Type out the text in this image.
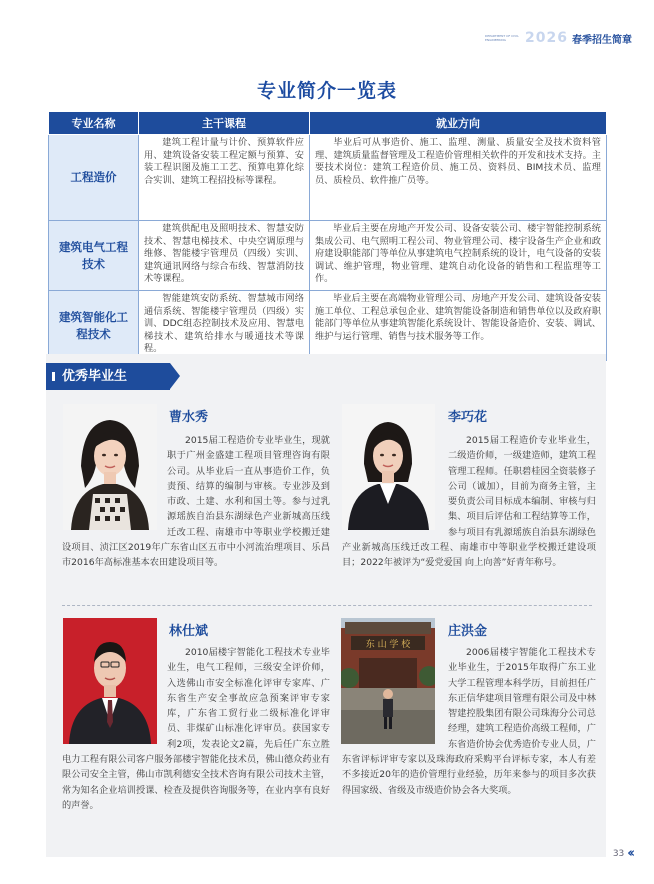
DEPARTMENT OF CIVIL ENGINEERING	2026 春季招生简章
专业简介一览表
专业名称	主干课程	就业方向
工程造价	建筑工程计量与计价、预算软件应用、建筑设备安装工程定额与预算、安装工程识图及施工工艺、预算电算化综合实训、建筑工程招投标等课程。	毕业后可从事造价、施工、监理、测量、质量安全及技术资料管理、建筑质量监督管理及工程造价管理相关软件的开发和技术支持。主要技术岗位：建筑工程造价员、施工员、资料员、BIM技术员、监理员、质检员、软件推广员等。
建筑电气工程技术	建筑供配电及照明技术、智慧安防技术、智慧电梯技术、中央空调原理与维修、智能楼宇管理员（四级）实训、建筑通讯网络与综合布线、智慧消防技术等课程。	毕业后主要在房地产开发公司、设备安装公司、楼宇智能控制系统集成公司、电气照明工程公司、物业管理公司、楼宇设备生产企业和政府建设职能部门等单位从事建筑电气控制系统的设计，电气设备的安装调试、维护管理，物业管理、建筑自动化设备的销售和工程监理等工作。
建筑智能化工程技术	智能建筑安防系统、智慧城市网络通信系统、智能楼宇管理员（四级）实训、DDC组态控制技术及应用、智慧电梯技术、建筑给排水与暖通技术等课程。	毕业后主要在高端物业管理公司、房地产开发公司、建筑设备安装施工单位、工程总承包企业、建筑智能设备制造和销售单位以及政府职能部门等单位从事建筑智能化系统设计、智能设备造价、安装、调试、维护与运行管理、销售与技术服务等工作。
优秀毕业生
曹水秀
2015届工程造价专业毕业生，现就职于广州金盛建工程项目管理咨询有限公司。从毕业后一直从事造价工作，负责预、结算的编制与审核。专业涉及到市政、土建、水利和国土等。参与过乳源瑶族自治县东湖绿色产业新城高压线迁改工程、南雄市中等职业学校搬迁建设项目、浈江区2019年广东省山区五市中小河流治理项目、乐昌市2016年高标准基本农田建设项目等。
李巧花
2015届工程造价专业毕业生，二级造价师，一级建造师，建筑工程管理工程师。任职碧桂园全资装修子公司（诚加），目前为商务主管，主要负责公司目标成本编制、审核与归集、项目后评估和工程结算等工作，参与项目有乳源瑶族自治县东湖绿色产业新城高压线迁改工程、南雄市中等职业学校搬迁建设项目；2022年被评为“爱党爱国 向上向善”好青年称号。
林仕斌
2010届楼宇智能化工程技术专业毕业生，电气工程师，三级安全评价师，入选佛山市安全标准化评审专家库、广东省生产安全事故应急预案评审专家库，广东省工贸行业二级标准化评审员、非煤矿山标准化评审员。获国家专利2项，发表论文2篇，先后任广东立胜电力工程有限公司客户服务部楼宇智能化技术员，佛山德众药业有限公司安全主管，佛山市凯利德安全技术咨询有限公司技术主管，常为知名企业培训授课、检查及提供咨询服务等，在业内享有良好的声誉。
东 山 学 校
庄洪金
2006届楼宇智能化工程技术专业毕业生，于2015年取得广东工业大学工程管理本科学历，目前担任广东正信华建项目管理有限公司及中林智建控股集团有限公司珠海分公司总经理，建筑工程造价高级工程师，广东省造价协会优秀造价专业人员，广东省评标评审专家以及珠海政府采购平台评标专家，本人有差不多接近20年的造价管理行业经验，历年来参与的项目多次获得国家级、省级及市级造价协会各大奖项。
33 ‹‹
